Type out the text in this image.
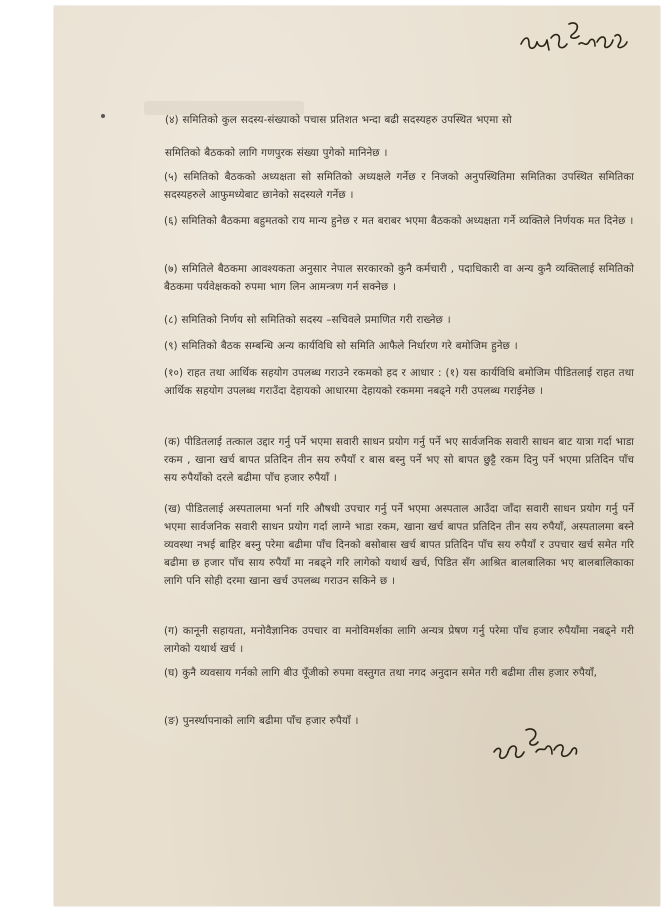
(४) समितिको कुल सदस्य-संख्याको पचास प्रतिशत भन्दा बढी सदस्यहरु उपस्थित भएमा सो

समितिको बैठकको लागि गणपुरक संख्या पुगेको मानिनेछ ।

(५) समितिको बैठकको अध्यक्षता सो समितिको अध्यक्षले गर्नेछ र निजको अनुपस्थितिमा समितिका उपस्थित समितिका सदस्यहरुले आफुमध्येबाट छानेको सदस्यले गर्नेछ ।

(६) समितिको बैठकमा बहुमतको राय मान्य हुनेछ र मत बराबर भएमा बैठकको अध्यक्षता गर्ने व्यक्तिले निर्णयक मत दिनेछ ।

(७) समितिले बैठकमा आवश्यकता अनुसार नेपाल सरकारको कुनै कर्मचारी , पदाधिकारी वा अन्य कुनै व्यक्तिलाई समितिको बैठकमा पर्यवेक्षकको रुपमा भाग लिन आमन्त्रण गर्न सक्नेछ ।

(८) समितिको निर्णय सो समितिको सदस्य –सचिवले प्रमाणित गरी राख्नेछ ।

(९) समितिको बैठक सम्बन्धि अन्य कार्यविधि सो समिति आफैले निर्धारण गरे बमोजिम हुनेछ ।

(१०) राहत तथा आर्थिक सहयोग उपलब्ध गराउने रकमको हद र आधार : (१) यस कार्यविधि बमोजिम पीडितलाई राहत तथा आर्थिक सहयोग उपलब्ध गराउँदा देहायको आधारमा देहायको रकममा नबढ्ने गरी उपलब्ध गराईनेछ ।

(क) पीडितलाई तत्काल उद्दार गर्नु पर्ने भएमा सवारी साधन प्रयोग गर्नु पर्ने भए सार्वजनिक सवारी साधन बाट यात्रा गर्दा भाडा रकम , खाना खर्च बापत प्रतिदिन तीन सय रुपैयाँ र बास बस्नु पर्ने भए सो बापत छुट्टै रकम दिनु पर्ने भएमा प्रतिदिन पाँच सय रुपैयाँको दरले बढीमा पाँच हजार रुपैयाँ ।

(ख) पीडितलाई अस्पतालमा भर्ना गरि औषधी उपचार गर्नु पर्ने भएमा अस्पताल आउँदा जाँदा सवारी साधन प्रयोग गर्नु पर्ने भएमा सार्वजनिक सवारी साधन प्रयोग गर्दा लाग्ने भाडा रकम, खाना खर्च बापत प्रतिदिन तीन सय रुपैयाँ, अस्पतालमा बस्ने व्यवस्था नभई बाहिर बस्नु परेमा बढीमा पाँच दिनको बसोबास खर्च बापत प्रतिदिन पाँच सय रुपैयाँ र उपचार खर्च समेत गरि बढीमा छ हजार पाँच साय रुपैयाँ मा नबढ्ने गरि लागेको यथार्थ खर्च, पिडित सँग आश्रित बालबालिका भए बालबालिकाका लागि पनि सोही दरमा खाना खर्च उपलब्ध गराउन सकिने छ ।

(ग) कानूनी सहायता, मनोवैज्ञानिक उपचार वा मनोविमर्शका लागि अन्यत्र प्रेषण गर्नु परेमा पाँच हजार रुपैयाँमा नबढ्ने गरी लागेको यथार्थ खर्च ।

(घ) कुनै व्यवसाय गर्नको लागि बीउ पूँजीको रुपमा वस्तुगत तथा नगद अनुदान समेत गरी बढीमा तीस हजार रुपैयाँ,

(ङ) पुनर्स्थापनाको लागि बढीमा पाँच हजार रुपैयाँ ।
